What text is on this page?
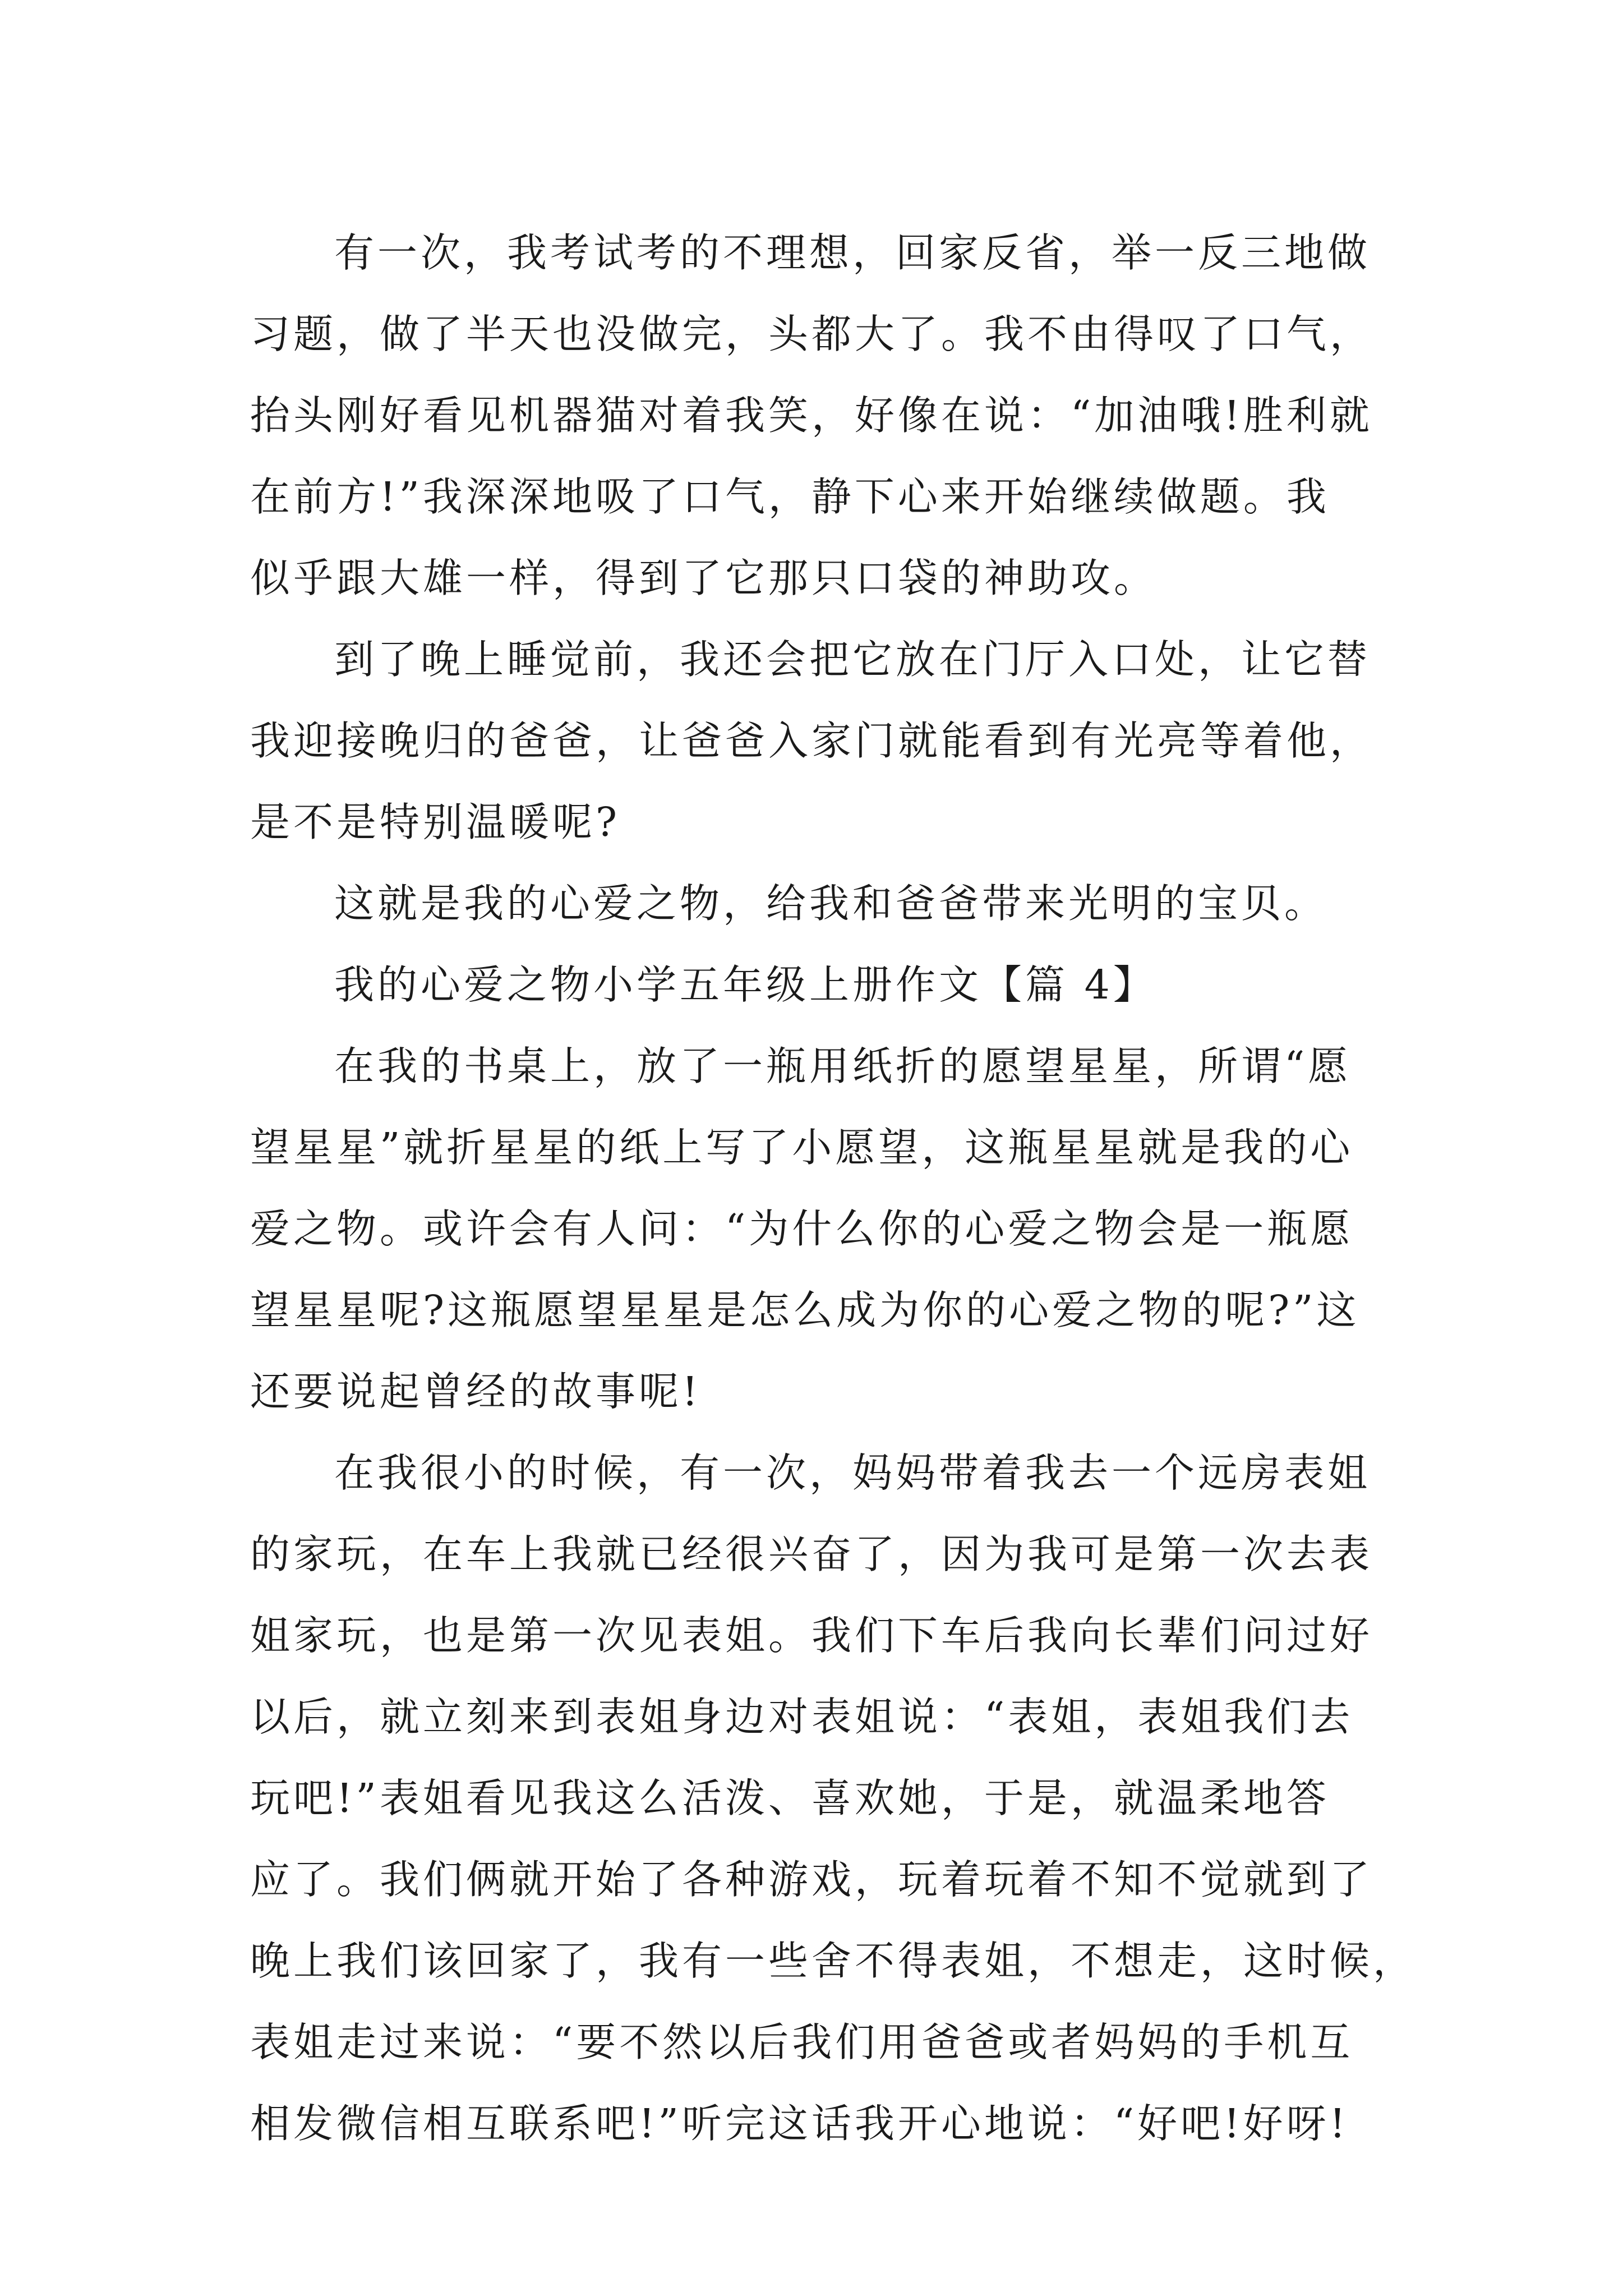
有一次，我考试考的不理想，回家反省，举一反三地做
习题，做了半天也没做完，头都大了。我不由得叹了口气，
抬头刚好看见机器猫对着我笑，好像在说：“加油哦!胜利就
在前方!”我深深地吸了口气，静下心来开始继续做题。我
似乎跟大雄一样，得到了它那只口袋的神助攻。
到了晚上睡觉前，我还会把它放在门厅入口处，让它替
我迎接晚归的爸爸，让爸爸入家门就能看到有光亮等着他，
是不是特别温暖呢?
这就是我的心爱之物，给我和爸爸带来光明的宝贝。
我的心爱之物小学五年级上册作文【篇 4】
在我的书桌上，放了一瓶用纸折的愿望星星，所谓“愿
望星星”就折星星的纸上写了小愿望，这瓶星星就是我的心
爱之物。或许会有人问：“为什么你的心爱之物会是一瓶愿
望星星呢?这瓶愿望星星是怎么成为你的心爱之物的呢?”这
还要说起曾经的故事呢!
在我很小的时候，有一次，妈妈带着我去一个远房表姐
的家玩，在车上我就已经很兴奋了，因为我可是第一次去表
姐家玩，也是第一次见表姐。我们下车后我向长辈们问过好
以后，就立刻来到表姐身边对表姐说：“表姐，表姐我们去
玩吧!”表姐看见我这么活泼、喜欢她，于是，就温柔地答
应了。我们俩就开始了各种游戏，玩着玩着不知不觉就到了
晚上我们该回家了，我有一些舍不得表姐，不想走，这时候，
表姐走过来说：“要不然以后我们用爸爸或者妈妈的手机互
相发微信相互联系吧!”听完这话我开心地说：“好吧!好呀!
